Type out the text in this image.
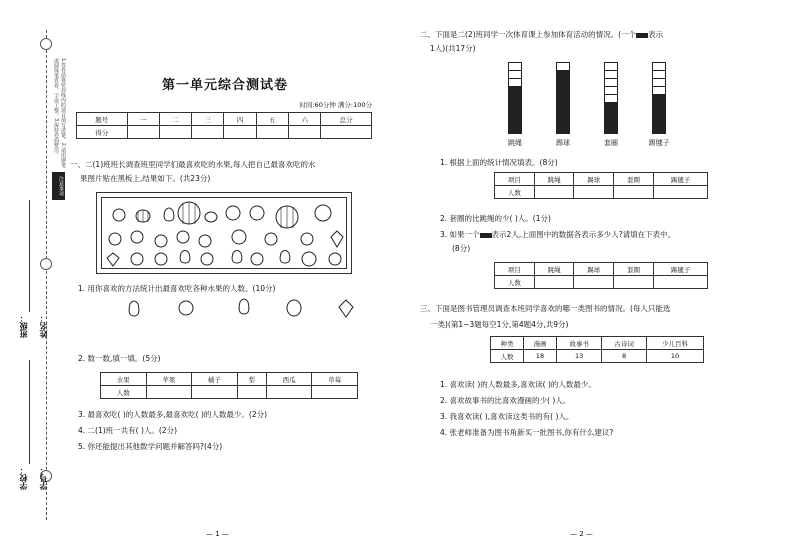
1.答卷前将密封线内的项目填写清楚。2.请用钢笔或圆珠笔答卷，字迹工整。3.保持卷面整洁。
注意事项
班级： 姓名：
学校： 学号：
第一单元综合测试卷
时间:60分钟 满分:100分
题号	一	二	三	四	五	六	总分
得分							
一、二(1)班班长调查班里同学们最喜欢吃的水果,每人把自己最喜欢吃的水
果图片贴在黑板上,结果如下。(共23分)
1. 用你喜欢的方法统计出最喜欢吃各种水果的人数。(10分)
2. 数一数,填一填。(5分)
水果	苹果	橘子	梨	西瓜	草莓
人数					
3. 最喜欢吃( )的人数最多,最喜欢吃( )的人数最少。(2分)
4. 二(1)班一共有( )人。(2分)
5. 你还能提出其他数学问题并解答吗?(4分)
— 1 —
二、下面是二(2)班同学一次体育课上参加体育活动的情况。(一个 表示
1人)(共17分)
跳绳	踢球	套圈	踢毽子
1. 根据上面的统计情况填表。(8分)
项目	跳绳	踢球	套圈	踢毽子
人数				
2. 套圈的比跳绳的少( )人。(1分)
3. 如果一个 表示2人,上面图中的数据各表示多少人?请填在下表中。
(8分)
项目	跳绳	踢球	套圈	踢毽子
人数				
三、下面是图书管理员调查本班同学喜欢的哪一类图书的情况。(每人只能选
一类)(第1~3题每空1分,第4题4分,共9分)
种类	漫画	故事书	古诗词	少儿百科
人数	18	13	8	10
1. 喜欢读( )的人数最多,喜欢读( )的人数最少。
2. 喜欢故事书的比喜欢漫画的少( )人。
3. 我喜欢读( ),喜欢读这类书的有( )人。
4. 张老师准备为图书角新买一批图书,你有什么建议?
— 2 —
